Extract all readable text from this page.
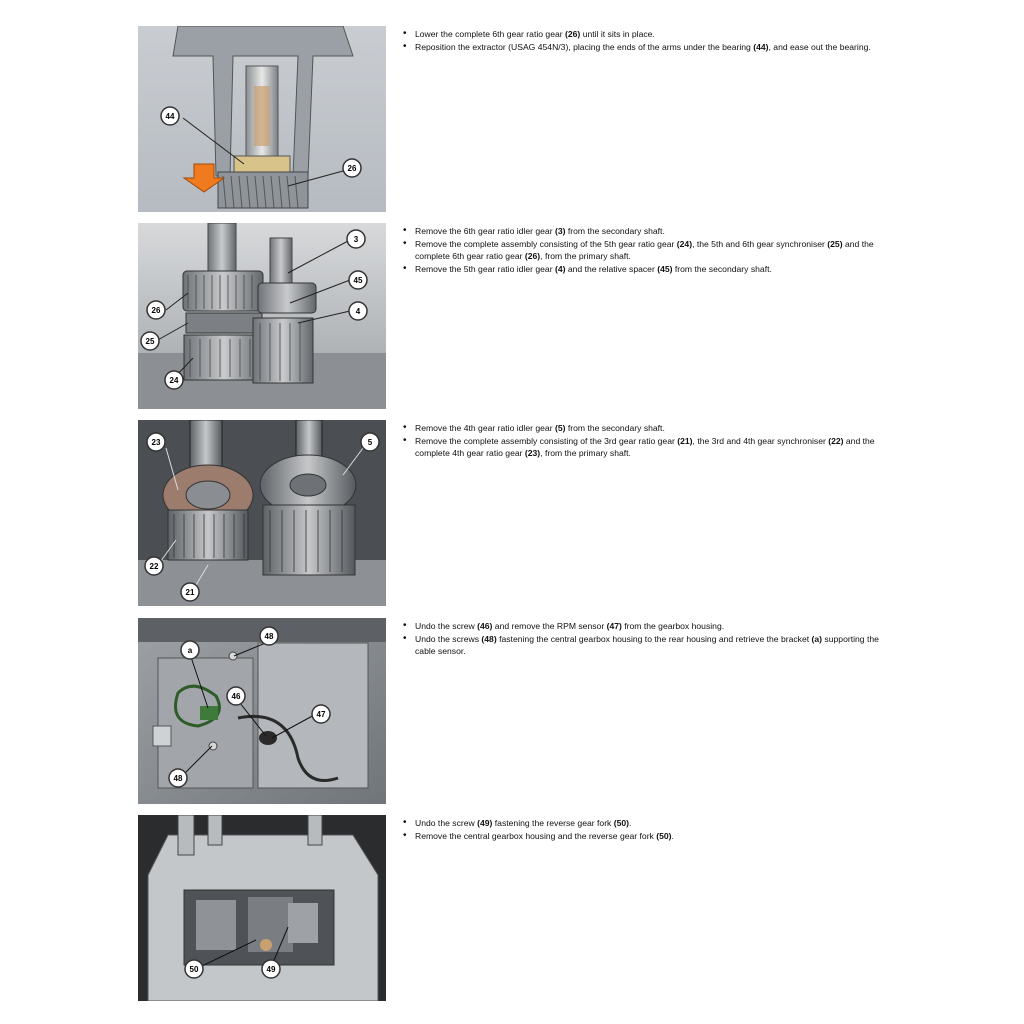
44
26
• Lower the complete 6th gear ratio gear (26) until it sits in place.
• Reposition the extractor (USAG 454N/3), placing the ends of the arms under the bearing (44), and ease out the bearing.
3
45
4
26
25
24
• Remove the 6th gear ratio idler gear (3) from the secondary shaft.
• Remove the complete assembly consisting of the 5th gear ratio gear (24), the 5th and 6th gear synchroniser (25) and the complete 6th gear ratio gear (26), from the primary shaft.
• Remove the 5th gear ratio idler gear (4) and the relative spacer (45) from the secondary shaft.
23	5
22
21
• Remove the 4th gear ratio idler gear (5) from the secondary shaft.
• Remove the complete assembly consisting of the 3rd gear ratio gear (21), the 3rd and 4th gear synchroniser (22) and the complete 4th gear ratio gear (23), from the primary shaft.
48
a
46
47
48
• Undo the screw (46) and remove the RPM sensor (47) from the gearbox housing.
• Undo the screws (48) fastening the central gearbox housing to the rear housing and retrieve the bracket (a) supporting the cable sensor.
50	49
• Undo the screw (49) fastening the reverse gear fork (50).
• Remove the central gearbox housing and the reverse gear fork (50).
